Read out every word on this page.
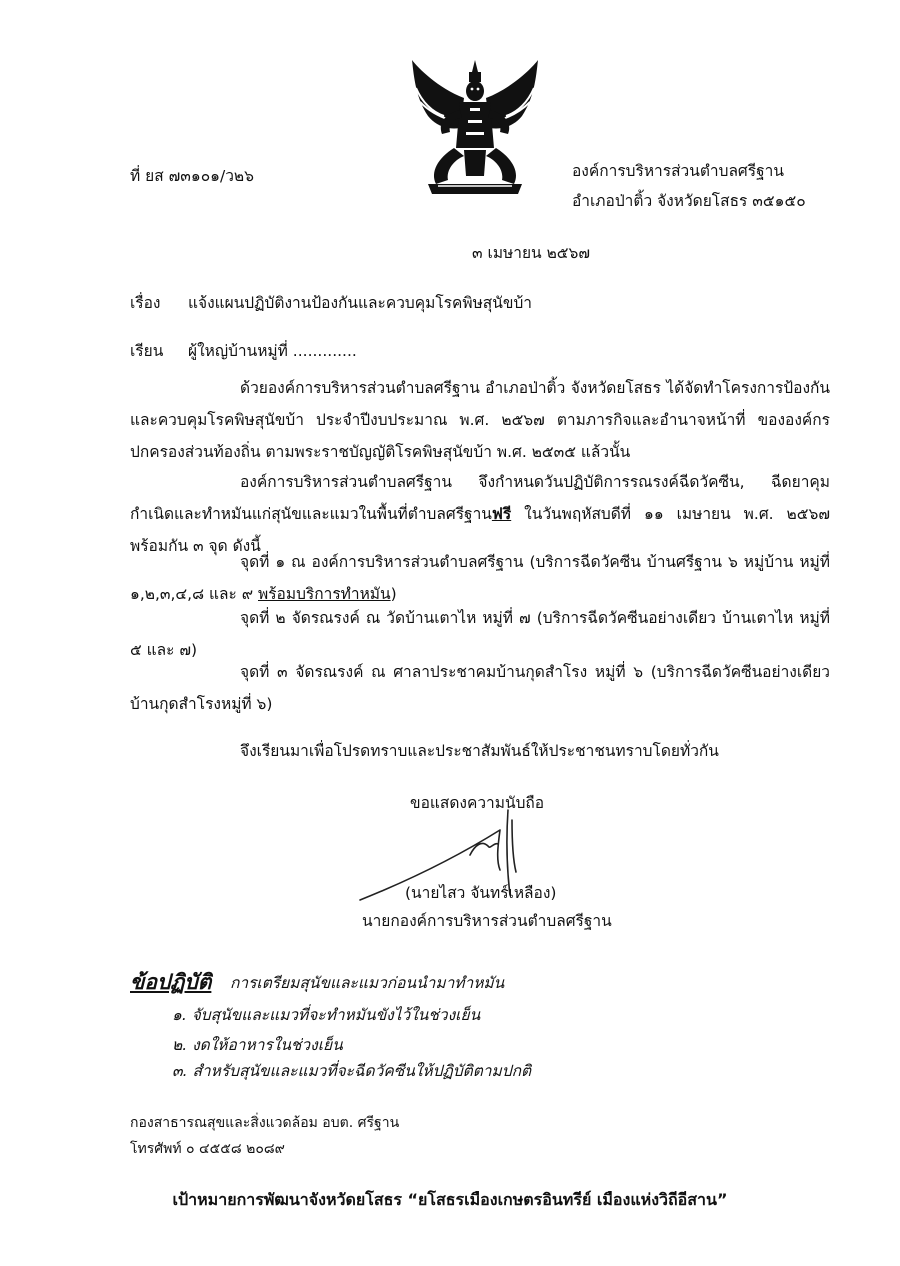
ที่ ยส ๗๓๑๐๑/ว๒๖	องค์การบริหารส่วนตำบลศรีฐาน
อำเภอป่าติ้ว จังหวัดยโสธร ๓๕๑๕๐
๓ เมษายน ๒๕๖๗
เรื่อง แจ้งแผนปฏิบัติงานป้องกันและควบคุมโรคพิษสุนัขบ้า
เรียน ผู้ใหญ่บ้านหมู่ที่ .............
ด้วยองค์การบริหารส่วนตำบลศรีฐาน อำเภอป่าติ้ว จังหวัดยโสธร ได้จัดทำโครงการป้องกันและควบคุมโรคพิษสุนัขบ้า ประจำปีงบประมาณ พ.ศ. ๒๕๖๗ ตามภารกิจและอำนาจหน้าที่ ขององค์กรปกครองส่วนท้องถิ่น ตามพระราชบัญญัติโรคพิษสุนัขบ้า พ.ศ. ๒๕๓๕ แล้วนั้น
องค์การบริหารส่วนตำบลศรีฐาน จึงกำหนดวันปฏิบัติการรณรงค์ฉีดวัคซีน, ฉีดยาคุมกำเนิดและทำหมันแก่สุนัขและแมวในพื้นที่ตำบลศรีฐานฟรี ในวันพฤหัสบดีที่ ๑๑ เมษายน พ.ศ. ๒๕๖๗ พร้อมกัน ๓ จุด ดังนี้
จุดที่ ๑ ณ องค์การบริหารส่วนตำบลศรีฐาน (บริการฉีดวัคซีน บ้านศรีฐาน ๖ หมู่บ้าน หมู่ที่ ๑,๒,๓,๔,๘ และ ๙ พร้อมบริการทำหมัน)
จุดที่ ๒ จัดรณรงค์ ณ วัดบ้านเตาไห หมู่ที่ ๗ (บริการฉีดวัคซีนอย่างเดียว บ้านเตาไห หมู่ที่ ๕ และ ๗)
จุดที่ ๓ จัดรณรงค์ ณ ศาลาประชาคมบ้านกุดสำโรง หมู่ที่ ๖ (บริการฉีดวัคซีนอย่างเดียว บ้านกุดสำโรงหมู่ที่ ๖)
จึงเรียนมาเพื่อโปรดทราบและประชาสัมพันธ์ให้ประชาชนทราบโดยทั่วกัน
ขอแสดงความนับถือ
(นายไสว จันทร์เหลือง)
นายกองค์การบริหารส่วนตำบลศรีฐาน
ข้อปฏิบัติ การเตรียมสุนัขและแมวก่อนนำมาทำหมัน
๑. จับสุนัขและแมวที่จะทำหมันขังไว้ในช่วงเย็น
๒. งดให้อาหารในช่วงเย็น
๓. สำหรับสุนัขและแมวที่จะฉีดวัคซีนให้ปฏิบัติตามปกติ
กองสาธารณสุขและสิ่งแวดล้อม อบต. ศรีฐาน
โทรศัพท์ ๐ ๔๕๕๘ ๒๐๘๙
เป้าหมายการพัฒนาจังหวัดยโสธร “ยโสธรเมืองเกษตรอินทรีย์ เมืองแห่งวิถีอีสาน”
